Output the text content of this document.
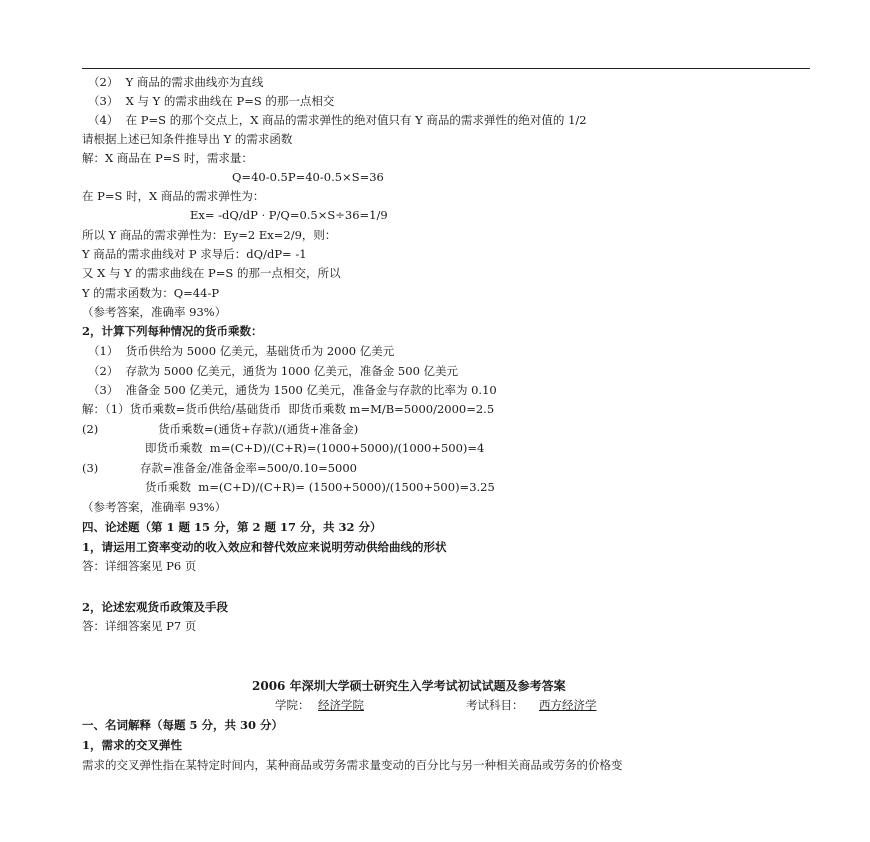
（2）  Y 商品的需求曲线亦为直线
（3）  X 与 Y 的需求曲线在 P=S 的那一点相交
（4）  在 P=S 的那个交点上，X 商品的需求弹性的绝对值只有 Y 商品的需求弹性的绝对值的 1/2
请根据上述已知条件推导出 Y 的需求函数
解：X 商品在 P=S 时，需求量：
Q=40-0.5P=40-0.5×S=36
在 P=S 时，X 商品的需求弹性为：
Ex= -dQ/dP · P/Q=0.5×S÷36=1/9
所以 Y 商品的需求弹性为：Ey=2 Ex=2/9，则：
Y 商品的需求曲线对 P 求导后：dQ/dP= -1
又 X 与 Y 的需求曲线在 P=S 的那一点相交，所以
Y 的需求函数为：Q=44-P
（参考答案，准确率 93%）
2，计算下列每种情况的货币乘数：
（1）  货币供给为 5000 亿美元，基础货币为 2000 亿美元
（2）  存款为 5000 亿美元，通货为 1000 亿美元，准备金 500 亿美元
（3）  准备金 500 亿美元，通货为 1500 亿美元，准备金与存款的比率为 0.10
解：（1）货币乘数=货币供给/基础货币  即货币乘数 m=M/B=5000/2000=2.5
(2)	货币乘数=(通货+存款)/(通货+准备金)
即货币乘数  m=(C+D)/(C+R)=(1000+5000)/(1000+500)=4
(3)	存款=准备金/准备金率=500/0.10=5000
货币乘数  m=(C+D)/(C+R)= (1500+5000)/(1500+500)=3.25
（参考答案，准确率 93%）
四、论述题（第 1 题 15 分，第 2 题 17 分，共 32 分）
1，请运用工资率变动的收入效应和替代效应来说明劳动供给曲线的形状
答：详细答案见 P6 页
2，论述宏观货币政策及手段
答：详细答案见 P7 页
2006 年深圳大学硕士研究生入学考试初试试题及参考答案
学院： 经济学院	考试科目： 西方经济学
一、名词解释（每题 5 分，共 30 分）
1，需求的交叉弹性
需求的交叉弹性指在某特定时间内，某种商品或劳务需求量变动的百分比与另一种相关商品或劳务的价格变
